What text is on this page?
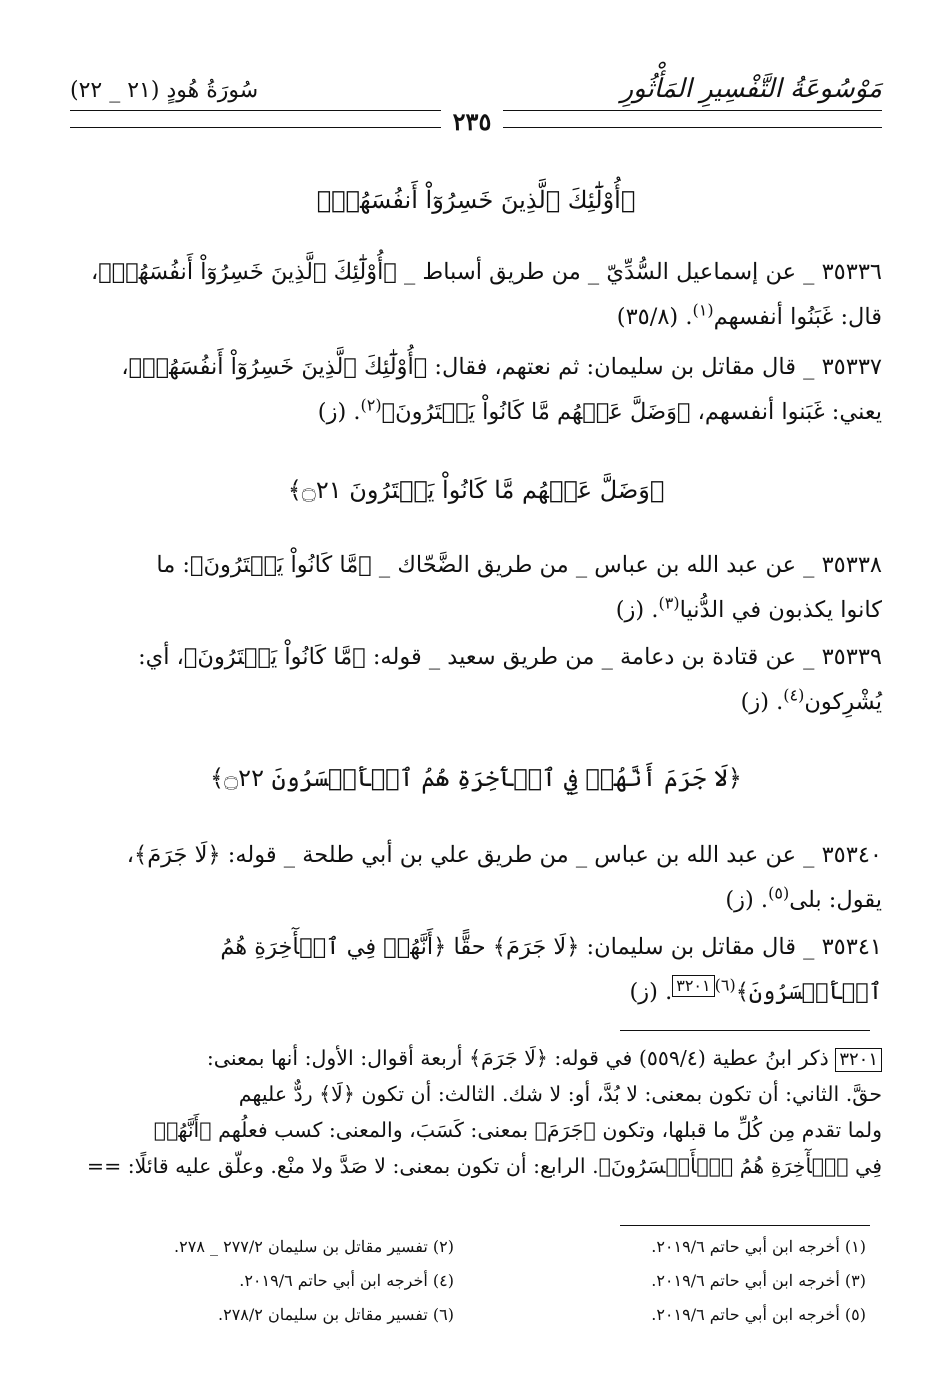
مَوْسُوعَةُ التَّفْسِيرِ المَأْثُورِ
سُورَةُ هُودٍ (٢١ _ ٢٢)
٢٣٥
﴿أُوْلَٰٓئِكَ ٱلَّذِينَ خَسِرُوٓاْ أَنفُسَهُمۡ﴾
٣٥٣٣٦ _ عن إسماعيل السُّدِّيّ _ من طريق أسباط _ ﴿أُوْلَٰٓئِكَ ٱلَّذِينَ خَسِرُوٓاْ أَنفُسَهُمۡ﴾،
قال: غَبَنُوا أنفسهم$^{(١)}$. (٣٥/٨)
٣٥٣٣٧ _ قال مقاتل بن سليمان: ثم نعتهم، فقال: ﴿أُوْلَٰٓئِكَ ٱلَّذِينَ خَسِرُوٓاْ أَنفُسَهُمۡ﴾،
يعني: غَبَنوا أنفسهم، ﴿وَضَلَّ عَنۡهُم مَّا كَانُواْ يَفۡتَرُونَ﴾$^{(٢)}$. (ز)
﴿وَضَلَّ عَنۡهُم مَّا كَانُواْ يَفۡتَرُونَ ۝٢١﴾
٣٥٣٣٨ _ عن عبد الله بن عباس _ من طريق الضَّحّاك _ ﴿مَّا كَانُواْ يَفۡتَرُونَ﴾: ما
كانوا يكذبون في الدُّنيا$^{(٣)}$. (ز)
٣٥٣٣٩ _ عن قتادة بن دعامة _ من طريق سعيد _ قوله: ﴿مَّا كَانُواْ يَفۡتَرُونَ﴾، أي:
يُشْرِكون$^{(٤)}$. (ز)
﴿لَا جَرَمَ أَنَّهُمۡ فِي ٱلۡأٓخِرَةِ هُمُ ٱلۡأَخۡسَرُونَ ۝٢٢﴾
٣٥٣٤٠ _ عن عبد الله بن عباس _ من طريق علي بن أبي طلحة _ قوله: ﴿لَا جَرَمَ﴾،
يقول: بلى$^{(٥)}$. (ز)
٣٥٣٤١ _ قال مقاتل بن سليمان: ﴿لَا جَرَمَ﴾ حقًّا ﴿أَنَّهُمۡ فِي ٱلۡأٓخِرَةِ هُمُ
ٱلۡأَخۡسَرُونَ﴾$^{(٦)}$٣٢٠١. (ز)
٣٢٠١ ذكر ابنُ عطية (٥٥٩/٤) في قوله: ﴿لَا جَرَمَ﴾ أربعة أقوال: الأول: أنها بمعنى:
حقَّ. الثاني: أن تكون بمعنى: لا بُدَّ، أو: لا شك. الثالث: أن تكون ﴿لَا﴾ ردٌّ عليهم
ولما تقدم مِن كُلِّ ما قبلها، وتكون ﴿جَرَمَ﴾ بمعنى: كَسَبَ، والمعنى: كسب فعلُهم ﴿أَنَّهُمۡ
فِي ٱلۡأٓخِرَةِ هُمُ ٱلۡأَخۡسَرُونَ﴾. الرابع: أن تكون بمعنى: لا صَدَّ ولا منْع. وعلّق عليه قائلًا: ==
(١) أخرجه ابن أبي حاتم ٢٠١٩/٦.
(٢) تفسير مقاتل بن سليمان ٢٧٧/٢ _ ٢٧٨.
(٣) أخرجه ابن أبي حاتم ٢٠١٩/٦.
(٤) أخرجه ابن أبي حاتم ٢٠١٩/٦.
(٥) أخرجه ابن أبي حاتم ٢٠١٩/٦.
(٦) تفسير مقاتل بن سليمان ٢٧٨/٢.
